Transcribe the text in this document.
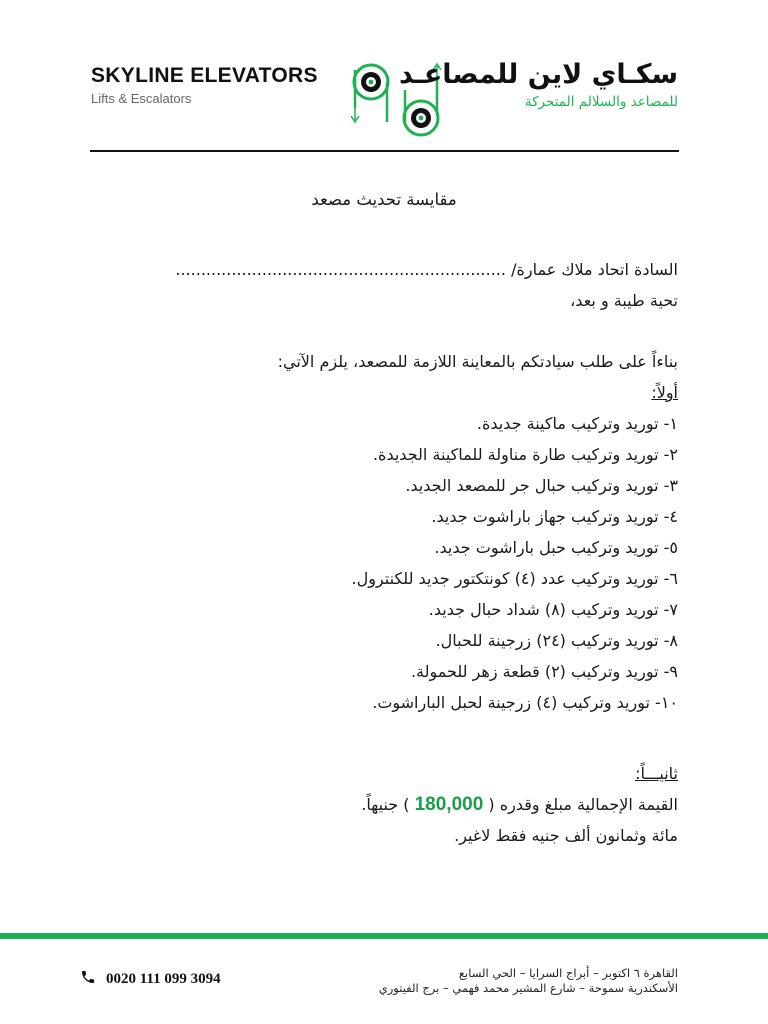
SKYLINE ELEVATORS
Lifts & Escalators
سكـاي لاين للمصاعـد
للمصاعد والسلالم المتحركة
مقايسة تحديث مصعد

السادة اتحاد ملاك عمارة/ .................................................................

تحية طيبة و بعد،

بناءاً على طلب سيادتكم بالمعاينة اللازمة للمصعد، يلزم الآتي:

أولاً:

١- توريد وتركيب ماكينة جديدة.

٢- توريد وتركيب طارة مناولة للماكينة الجديدة.

٣- توريد وتركيب حبال جر للمصعد الجديد.

٤- توريد وتركيب جهاز باراشوت جديد.

٥- توريد وتركيب حبل باراشوت جديد.

٦- توريد وتركيب عدد (٤) كونتكتور جديد للكنترول.

٧- توريد وتركيب (٨) شداد حبال جديد.

٨- توريد وتركيب (٢٤) زرجينة للحبال.

٩- توريد وتركيب (٢) قطعة زهر للحمولة.

١٠- توريد وتركيب (٤) زرجينة لحبل الباراشوت.

ثانيـــاً:

القيمة الإجمالية مبلغ وقدره ( 180,000 ) جنيهاً.

مائة وثمانون ألف جنيه فقط لاغير.

القاهرة ٦ اكتوبر – أبراج السرايا – الحي السابع
الأسكندرية سموحة – شارع المشير محمد فهمي – برج الفيتوري
0020 111 099 3094
